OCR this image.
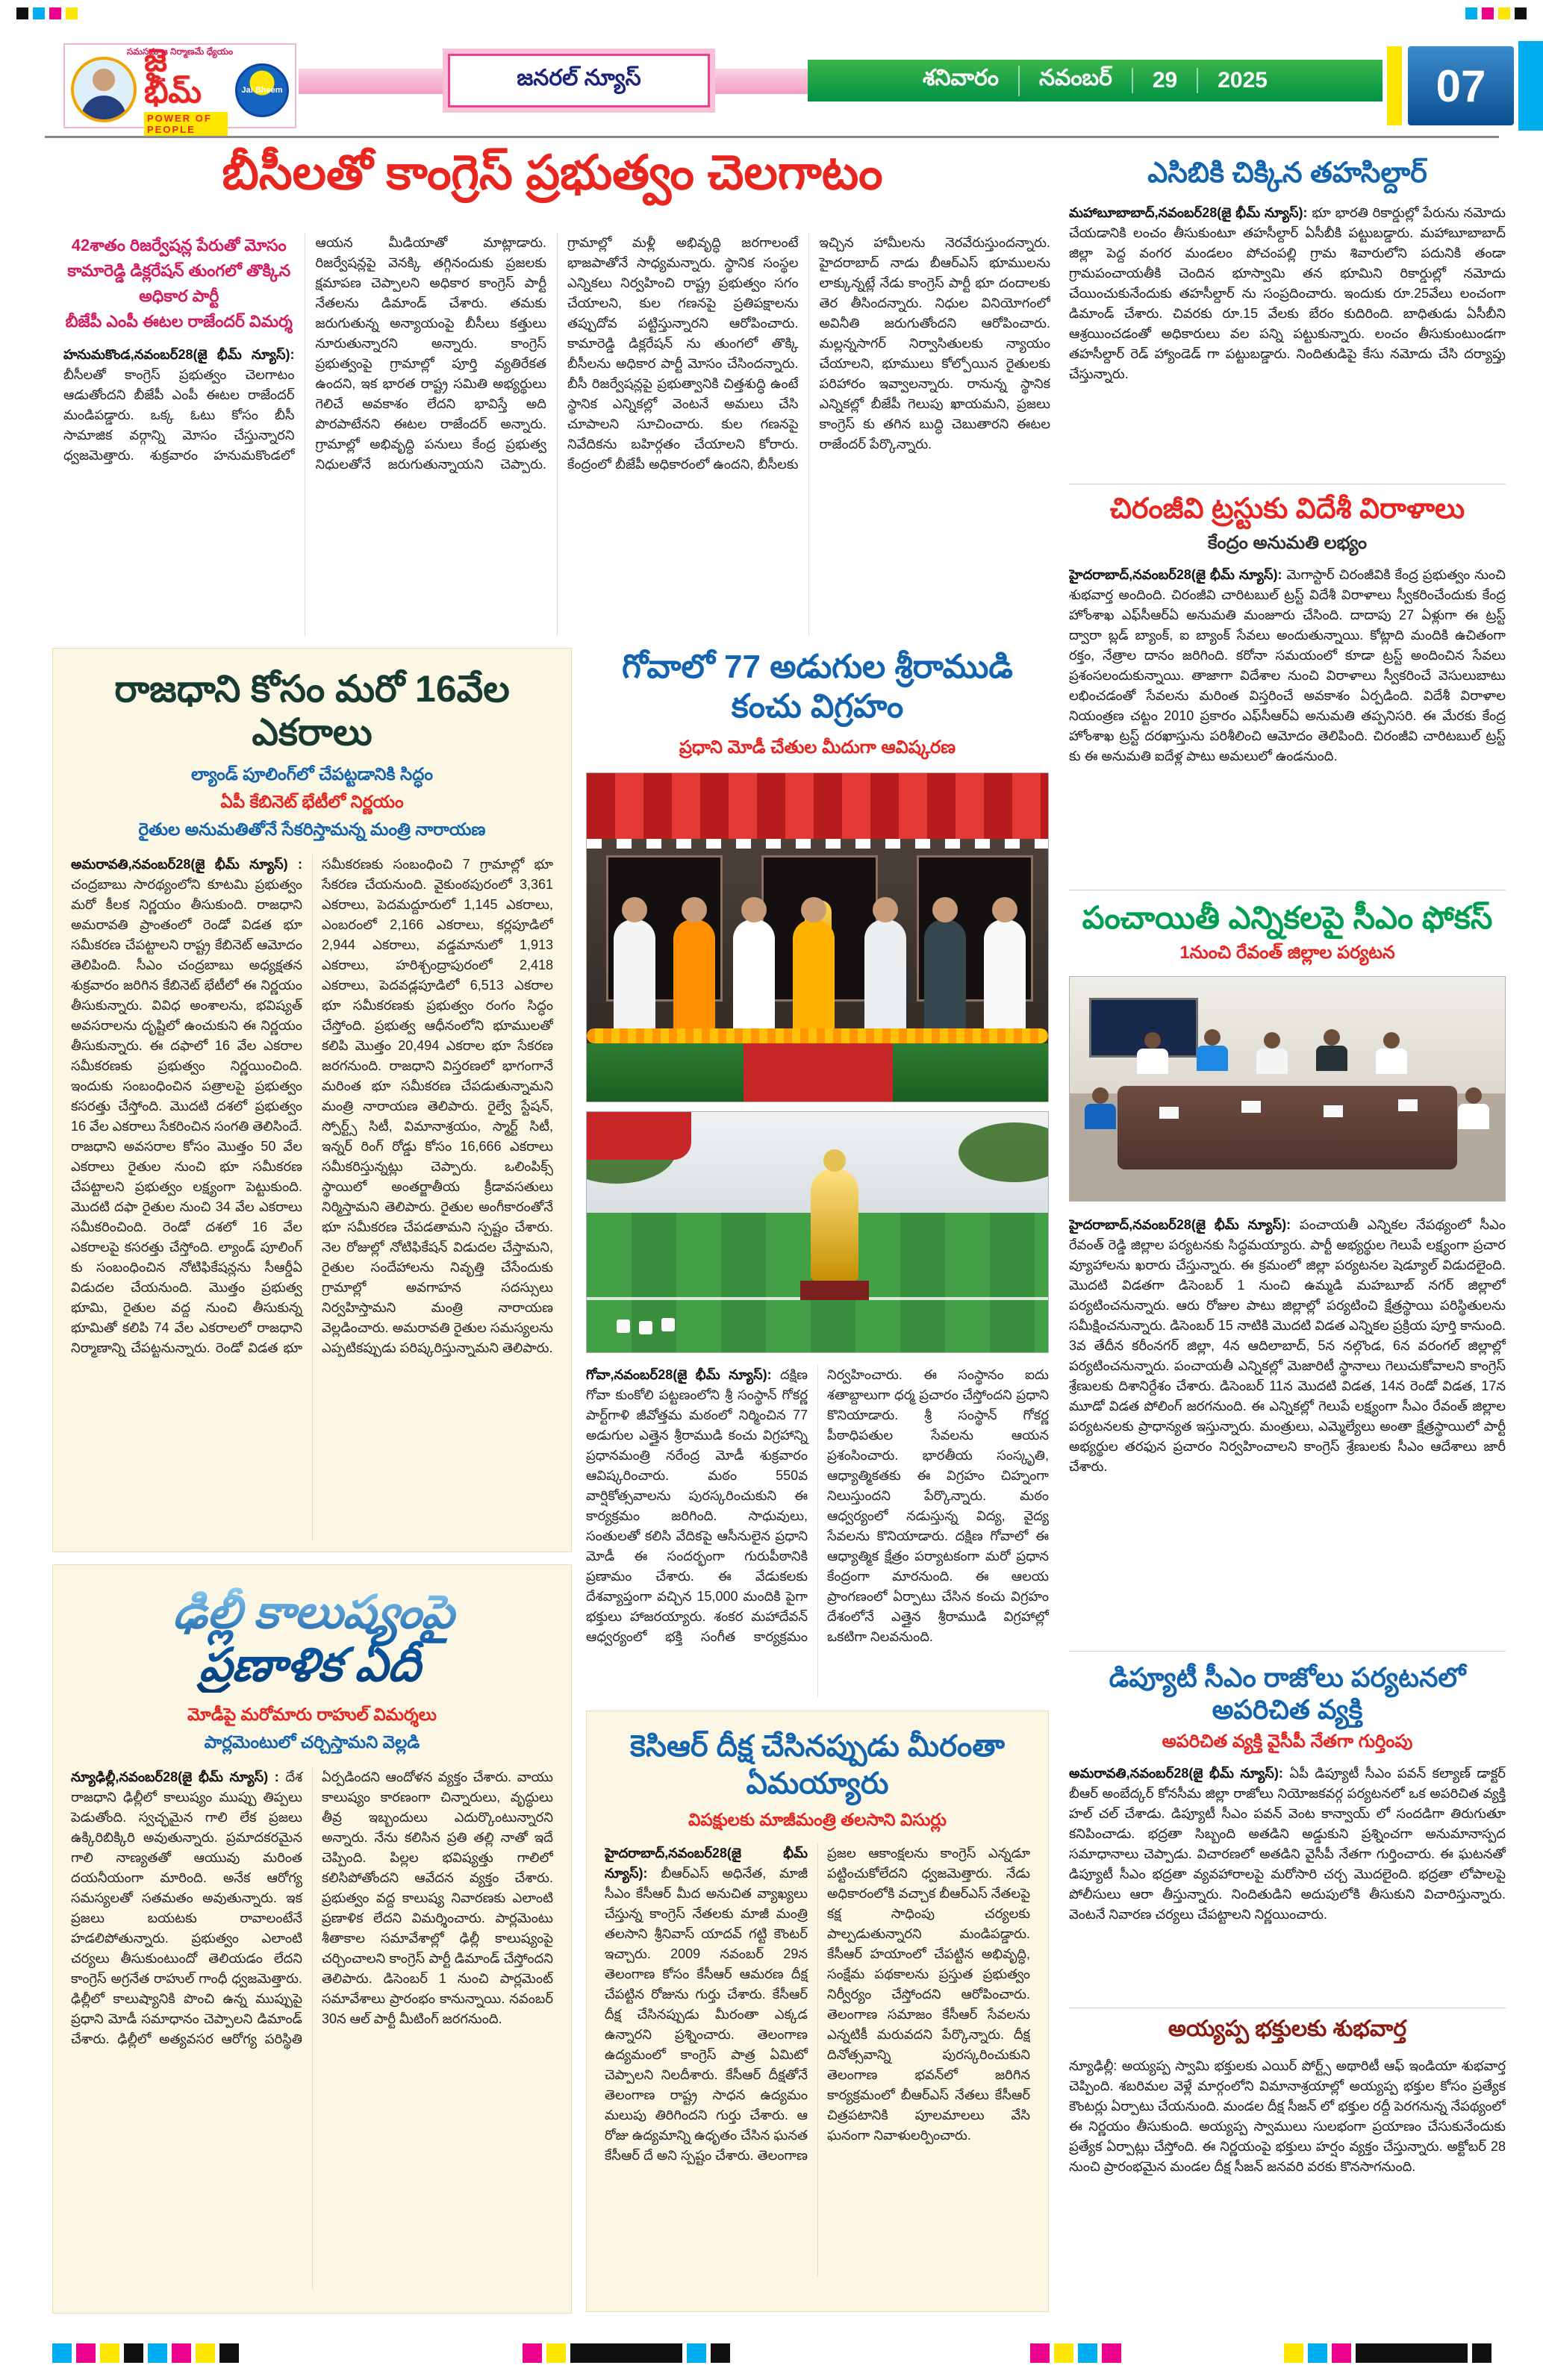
సమసమాజ నిర్మాణమే ధ్యేయం
జై భీమ్
POWER OF PEOPLE
Jai Bheem
జనరల్ న్యూస్	శనివారం	నవంబర్	29	2025	07
బీసీలతో కాంగ్రెస్ ప్రభుత్వం చెలగాటం
42శాతం రిజర్వేషన్ల పేరుతో మోసం
కామారెడ్డి డిక్లరేషన్ తుంగలో తొక్కిన అధికార పార్టీ
బీజేపీ ఎంపీ ఈటల రాజేందర్ విమర్శ

హనుమకొండ,నవంబర్28(జై భీమ్ న్యూస్): బీసీలతో కాంగ్రెస్ ప్రభుత్వం చెలగాటం ఆడుతోందని బీజేపీ ఎంపీ ఈటల రాజేందర్ మండిపడ్డారు. ఒక్క ఓటు కోసం బీసీ సామాజిక వర్గాన్ని మోసం చేస్తున్నారని ధ్వజమెత్తారు. శుక్రవారం హనుమకొండలో ఆయన మీడియాతో మాట్లాడారు. రిజర్వేషన్లపై వెనక్కి తగ్గినందుకు ప్రజలకు క్షమాపణ చెప్పాలని అధికార కాంగ్రెస్ పార్టీ నేతలను డిమాండ్ చేశారు. తమకు జరుగుతున్న అన్యాయంపై బీసీలు కత్తులు నూరుతున్నారని అన్నారు. కాంగ్రెస్ ప్రభుత్వంపై గ్రామాల్లో పూర్తి వ్యతిరేకత ఉందని, ఇక భారత రాష్ట్ర సమితి అభ్యర్థులు గెలిచే అవకాశం లేదని భావిస్తే అది పొరపాటేనని ఈటల రాజేందర్ అన్నారు. గ్రామాల్లో అభివృద్ధి పనులు కేంద్ర ప్రభుత్వ నిధులతోనే జరుగుతున్నాయని చెప్పారు. గ్రామాల్లో మళ్లీ అభివృద్ధి జరగాలంటే భాజపాతోనే సాధ్యమన్నారు. స్థానిక సంస్థల ఎన్నికలు నిర్వహించి రాష్ట్ర ప్రభుత్వం సగం చేయాలని, కుల గణనపై ప్రతిపక్షాలను తప్పుదోవ పట్టిస్తున్నారని ఆరోపించారు. కామారెడ్డి డిక్లరేషన్ ను తుంగలో తొక్కి బీసీలను అధికార పార్టీ మోసం చేసిందన్నారు. బీసీ రిజర్వేషన్లపై ప్రభుత్వానికి చిత్తశుద్ధి ఉంటే స్థానిక ఎన్నికల్లో వెంటనే అమలు చేసి చూపాలని సూచించారు. కుల గణనపై నివేదికను బహిర్గతం చేయాలని కోరారు. కేంద్రంలో బీజేపీ అధికారంలో ఉందని, బీసీలకు ఇచ్చిన హామీలను నెరవేరుస్తుందన్నారు. హైదరాబాద్ నాడు బీఆర్ఎస్ భూములను లాక్కున్నట్లే నేడు కాంగ్రెస్ పార్టీ భూ దందాలకు తెర తీసిందన్నారు. నిధుల వినియోగంలో అవినీతి జరుగుతోందని ఆరోపించారు. మల్లన్నసాగర్ నిర్వాసితులకు న్యాయం చేయాలని, భూములు కోల్పోయిన రైతులకు పరిహారం ఇవ్వాలన్నారు. రానున్న స్థానిక ఎన్నికల్లో బీజేపీ గెలుపు ఖాయమని, ప్రజలు కాంగ్రెస్ కు తగిన బుద్ధి చెబుతారని ఈటల రాజేందర్ పేర్కొన్నారు.

రాజధాని కోసం మరో 16వేల ఎకరాలు
ల్యాండ్ పూలింగ్‌లో చేపట్టడానికి సిద్ధం
ఏపీ కేబినెట్ భేటీలో నిర్ణయం
రైతుల అనుమతితోనే సేకరిస్తామన్న మంత్రి నారాయణ

అమరావతి,నవంబర్28(జై భీమ్ న్యూస్) : చంద్రబాబు సారథ్యంలోని కూటమి ప్రభుత్వం మరో కీలక నిర్ణయం తీసుకుంది. రాజధాని అమరావతి ప్రాంతంలో రెండో విడత భూ సమీకరణ చేపట్టాలని రాష్ట్ర కేబినెట్ ఆమోదం తెలిపింది. సీఎం చంద్రబాబు అధ్యక్షతన శుక్రవారం జరిగిన కేబినెట్ భేటీలో ఈ నిర్ణయం తీసుకున్నారు. వివిధ అంశాలను, భవిష్యత్ అవసరాలను దృష్టిలో ఉంచుకుని ఈ నిర్ణయం తీసుకున్నారు. ఈ దఫాలో 16 వేల ఎకరాల సమీకరణకు ప్రభుత్వం నిర్ణయించింది. ఇందుకు సంబంధించిన పత్రాలపై ప్రభుత్వం కసరత్తు చేస్తోంది. మొదటి దశలో ప్రభుత్వం 16 వేల ఎకరాలు సేకరించిన సంగతి తెలిసిందే. రాజధాని అవసరాల కోసం మొత్తం 50 వేల ఎకరాలు రైతుల నుంచి భూ సమీకరణ చేపట్టాలని ప్రభుత్వం లక్ష్యంగా పెట్టుకుంది. మొదటి దఫా రైతుల నుంచి 34 వేల ఎకరాలు సమీకరించింది. రెండో దశలో 16 వేల ఎకరాలపై కసరత్తు చేస్తోంది. ల్యాండ్ పూలింగ్ కు సంబంధించిన నోటిఫికేషన్లను సీఆర్డీఏ విడుదల చేయనుంది. మొత్తం ప్రభుత్వ భూమి, రైతుల వద్ద నుంచి తీసుకున్న భూమితో కలిపి 74 వేల ఎకరాలలో రాజధాని నిర్మాణాన్ని చేపట్టనున్నారు. రెండో విడత భూ సమీకరణకు సంబంధించి 7 గ్రామాల్లో భూ సేకరణ చేయనుంది. వైకుంఠపురంలో 3,361 ఎకరాలు, పెదమద్దూరులో 1,145 ఎకరాలు, ఎంబరంలో 2,166 ఎకరాలు, కర్లపూడిలో 2,944 ఎకరాలు, వడ్డమానులో 1,913 ఎకరాలు, హరిశ్చంద్రాపురంలో 2,418 ఎకరాలు, పెదవడ్లపూడిలో 6,513 ఎకరాల భూ సమీకరణకు ప్రభుత్వం రంగం సిద్ధం చేస్తోంది. ప్రభుత్వ ఆధీనంలోని భూములతో కలిపి మొత్తం 20,494 ఎకరాల భూ సేకరణ జరగనుంది. రాజధాని విస్తరణలో భాగంగానే మరింత భూ సమీకరణ చేపడుతున్నామని మంత్రి నారాయణ తెలిపారు. రైల్వే స్టేషన్, స్పోర్ట్స్ సిటీ, విమానాశ్రయం, స్మార్ట్ సిటీ, ఇన్నర్ రింగ్ రోడ్డు కోసం 16,666 ఎకరాలు సమీకరిస్తున్నట్లు చెప్పారు. ఒలింపిక్స్ స్థాయిలో అంతర్జాతీయ క్రీడావసతులు నిర్మిస్తామని తెలిపారు. రైతుల అంగీకారంతోనే భూ సమీకరణ చేపడతామని స్పష్టం చేశారు. నెల రోజుల్లో నోటిఫికేషన్ విడుదల చేస్తామని, రైతుల సందేహాలను నివృత్తి చేసేందుకు గ్రామాల్లో అవగాహన సదస్సులు నిర్వహిస్తామని మంత్రి నారాయణ వెల్లడించారు. అమరావతి రైతుల సమస్యలను ఎప్పటికప్పుడు పరిష్కరిస్తున్నామని తెలిపారు.

ఢిల్లీ కాలుష్యంపై
ప్రణాళిక ఏదీ
మోడీపై మరోమారు రాహుల్ విమర్శలు
పార్లమెంటులో చర్చిస్తామని వెల్లడి

న్యూఢిల్లీ,నవంబర్28(జై భీమ్ న్యూస్) : దేశ రాజధాని ఢిల్లీలో కాలుష్యం ముప్పు తిప్పలు పెడుతోంది. స్వచ్ఛమైన గాలి లేక ప్రజలు ఉక్కిరిబిక్కిరి అవుతున్నారు. ప్రమాదకరమైన గాలి నాణ్యతతో ఆయువు మరింత దయనీయంగా మారింది. అనేక ఆరోగ్య సమస్యలతో సతమతం అవుతున్నారు. ఇక ప్రజలు బయటకు రావాలంటేనే హడలిపోతున్నారు. ప్రభుత్వం ఎలాంటి చర్యలు తీసుకుంటుందో తెలియడం లేదని కాంగ్రెస్ అగ్రనేత రాహుల్ గాంధీ ధ్వజమెత్తారు. ఢిల్లీలో కాలుష్యానికి పొంచి ఉన్న ముప్పుపై ప్రధాని మోడీ సమాధానం చెప్పాలని డిమాండ్ చేశారు. ఢిల్లీలో అత్యవసర ఆరోగ్య పరిస్థితి ఏర్పడిందని ఆందోళన వ్యక్తం చేశారు. వాయు కాలుష్యం కారణంగా చిన్నారులు, వృద్ధులు తీవ్ర ఇబ్బందులు ఎదుర్కొంటున్నారని అన్నారు. నేను కలిసిన ప్రతి తల్లి నాతో ఇదే చెప్పింది. పిల్లల భవిష్యత్తు గాలిలో కలిసిపోతోందని ఆవేదన వ్యక్తం చేశారు. ప్రభుత్వం వద్ద కాలుష్య నివారణకు ఎలాంటి ప్రణాళిక లేదని విమర్శించారు. పార్లమెంటు శీతాకాల సమావేశాల్లో ఢిల్లీ కాలుష్యంపై చర్చించాలని కాంగ్రెస్ పార్టీ డిమాండ్ చేస్తోందని తెలిపారు. డిసెంబర్ 1 నుంచి పార్లమెంట్ సమావేశాలు ప్రారంభం కానున్నాయి. నవంబర్ 30న ఆల్ పార్టీ మీటింగ్ జరగనుంది.

గోవాలో 77 అడుగుల శ్రీరాముడి కంచు విగ్రహం
ప్రధాని మోడీ చేతుల మీదుగా ఆవిష్కరణ

గోవా,నవంబర్28(జై భీమ్ న్యూస్): దక్షిణ గోవా కుంకోలి పట్టణంలోని శ్రీ సంస్థాన్ గోకర్ణ పార్ట్‌గాళి జీవోత్తమ మఠంలో నిర్మించిన 77 అడుగుల ఎత్తైన శ్రీరాముడి కంచు విగ్రహాన్ని ప్రధానమంత్రి నరేంద్ర మోడీ శుక్రవారం ఆవిష్కరించారు. మఠం 550వ వార్షికోత్సవాలను పురస్కరించుకుని ఈ కార్యక్రమం జరిగింది. సాధువులు, సంతులతో కలిసి వేదికపై ఆసీనులైన ప్రధాని మోడీ ఈ సందర్భంగా గురుపీఠానికి ప్రణామం చేశారు. ఈ వేడుకలకు దేశవ్యాప్తంగా వచ్చిన 15,000 మందికి పైగా భక్తులు హాజరయ్యారు. శంకర మహాదేవన్ ఆధ్వర్యంలో భక్తి సంగీత కార్యక్రమం నిర్వహించారు. ఈ సంస్థానం ఐదు శతాబ్దాలుగా ధర్మ ప్రచారం చేస్తోందని ప్రధాని కొనియాడారు. శ్రీ సంస్థాన్ గోకర్ణ పీఠాధిపతుల సేవలను ఆయన ప్రశంసించారు. భారతీయ సంస్కృతి, ఆధ్యాత్మికతకు ఈ విగ్రహం చిహ్నంగా నిలుస్తుందని పేర్కొన్నారు. మఠం ఆధ్వర్యంలో నడుస్తున్న విద్య, వైద్య సేవలను కొనియాడారు. దక్షిణ గోవాలో ఈ ఆధ్యాత్మిక క్షేత్రం పర్యాటకంగా మరో ప్రధాన కేంద్రంగా మారనుంది. ఈ ఆలయ ప్రాంగణంలో ఏర్పాటు చేసిన కంచు విగ్రహం దేశంలోనే ఎత్తైన శ్రీరాముడి విగ్రహాల్లో ఒకటిగా నిలవనుంది.

కెసిఆర్ దీక్ష చేసినప్పుడు మీరంతా ఏమయ్యారు
విపక్షులకు మాజీమంత్రి తలసాని విసుర్లు

హైదరాబాద్,నవంబర్28(జై భీమ్ న్యూస్): బీఆర్ఎస్ అధినేత, మాజీ సీఎం కేసీఆర్ మీద అనుచిత వ్యాఖ్యలు చేస్తున్న కాంగ్రెస్ నేతలకు మాజీ మంత్రి తలసాని శ్రీనివాస్ యాదవ్ గట్టి కౌంటర్ ఇచ్చారు. 2009 నవంబర్ 29న తెలంగాణ కోసం కేసీఆర్ ఆమరణ దీక్ష చేపట్టిన రోజును గుర్తు చేశారు. కేసీఆర్ దీక్ష చేసినప్పుడు మీరంతా ఎక్కడ ఉన్నారని ప్రశ్నించారు. తెలంగాణ ఉద్యమంలో కాంగ్రెస్ పాత్ర ఏమిటో చెప్పాలని నిలదీశారు. కేసీఆర్ దీక్షతోనే తెలంగాణ రాష్ట్ర సాధన ఉద్యమం మలుపు తిరిగిందని గుర్తు చేశారు. ఆ రోజు ఉద్యమాన్ని ఉధృతం చేసిన ఘనత కేసీఆర్ దే అని స్పష్టం చేశారు. తెలంగాణ ప్రజల ఆకాంక్షలను కాంగ్రెస్ ఎన్నడూ పట్టించుకోలేదని ధ్వజమెత్తారు. నేడు అధికారంలోకి వచ్చాక బీఆర్ఎస్ నేతలపై కక్ష సాధింపు చర్యలకు పాల్పడుతున్నారని మండిపడ్డారు. కేసీఆర్ హయాంలో చేపట్టిన అభివృద్ధి, సంక్షేమ పథకాలను ప్రస్తుత ప్రభుత్వం నిర్వీర్యం చేస్తోందని ఆరోపించారు. తెలంగాణ సమాజం కేసీఆర్ సేవలను ఎన్నటికీ మరువదని పేర్కొన్నారు. దీక్ష దినోత్సవాన్ని పురస్కరించుకుని తెలంగాణ భవన్‌లో జరిగిన కార్యక్రమంలో బీఆర్ఎస్ నేతలు కేసీఆర్ చిత్రపటానికి పూలమాలలు వేసి ఘనంగా నివాళులర్పించారు.

ఎసిబికి చిక్కిన తహసిల్దార్
మహాబూబాబాద్,నవంబర్28(జై భీమ్ న్యూస్): భూ భారతి రికార్డుల్లో పేరును నమోదు చేయడానికి లంచం తీసుకుంటూ తహసీల్దార్ ఏసీబీకి పట్టుబడ్డారు. మహాబూబాబాద్ జిల్లా పెద్ద వంగర మండలం పోచంపల్లి గ్రామ శివారులోని పదునికి తండా గ్రామపంచాయతీకి చెందిన భూస్వామి తన భూమిని రికార్డుల్లో నమోదు చేయించుకునేందుకు తహసీల్దార్ ను సంప్రదించారు. ఇందుకు రూ.25వేలు లంచంగా డిమాండ్ చేశారు. చివరకు రూ.15 వేలకు బేరం కుదిరింది. బాధితుడు ఏసీబీని ఆశ్రయించడంతో అధికారులు వల పన్ని పట్టుకున్నారు. లంచం తీసుకుంటుండగా తహసీల్దార్ రెడ్ హ్యాండెడ్ గా పట్టుబడ్డారు. నిందితుడిపై కేసు నమోదు చేసి దర్యాప్తు చేస్తున్నారు.
చిరంజీవి ట్రస్టుకు విదేశీ విరాళాలు
కేంద్రం అనుమతి లభ్యం
హైదరాబాద్,నవంబర్28(జై భీమ్ న్యూస్): మెగాస్టార్ చిరంజీవికి కేంద్ర ప్రభుత్వం నుంచి శుభవార్త అందింది. చిరంజీవి చారిటబుల్ ట్రస్ట్ విదేశీ విరాళాలు స్వీకరించేందుకు కేంద్ర హోంశాఖ ఎఫ్‌సీఆర్ఏ అనుమతి మంజూరు చేసింది. దాదాపు 27 ఏళ్లుగా ఈ ట్రస్ట్ ద్వారా బ్లడ్ బ్యాంక్, ఐ బ్యాంక్ సేవలు అందుతున్నాయి. కోట్లాది మందికి ఉచితంగా రక్తం, నేత్రాల దానం జరిగింది. కరోనా సమయంలో కూడా ట్రస్ట్ అందించిన సేవలు ప్రశంసలందుకున్నాయి. తాజాగా విదేశాల నుంచి విరాళాలు స్వీకరించే వెసులుబాటు లభించడంతో సేవలను మరింత విస్తరించే అవకాశం ఏర్పడింది. విదేశీ విరాళాల నియంత్రణ చట్టం 2010 ప్రకారం ఎఫ్‌సీఆర్ఏ అనుమతి తప్పనిసరి. ఈ మేరకు కేంద్ర హోంశాఖ ట్రస్ట్ దరఖాస్తును పరిశీలించి ఆమోదం తెలిపింది. చిరంజీవి చారిటబుల్ ట్రస్ట్ కు ఈ అనుమతి ఐదేళ్ల పాటు అమలులో ఉండనుంది.
పంచాయితీ ఎన్నికలపై సీఎం ఫోకస్
1నుంచి రేవంత్ జిల్లాల పర్యటన
హైదరాబాద్,నవంబర్28(జై భీమ్ న్యూస్): పంచాయతీ ఎన్నికల నేపథ్యంలో సీఎం రేవంత్ రెడ్డి జిల్లాల పర్యటనకు సిద్ధమయ్యారు. పార్టీ అభ్యర్థుల గెలుపే లక్ష్యంగా ప్రచార వ్యూహాలను ఖరారు చేస్తున్నారు. ఈ క్రమంలో జిల్లా పర్యటనల షెడ్యూల్ విడుదలైంది. మొదటి విడతగా డిసెంబర్ 1 నుంచి ఉమ్మడి మహబూబ్ నగర్ జిల్లాలో పర్యటించనున్నారు. ఆరు రోజుల పాటు జిల్లాల్లో పర్యటించి క్షేత్రస్థాయి పరిస్థితులను సమీక్షించనున్నారు. డిసెంబర్ 15 నాటికి మొదటి విడత ఎన్నికల ప్రక్రియ పూర్తి కానుంది. 3వ తేదీన కరీంనగర్ జిల్లా, 4న ఆదిలాబాద్, 5న నల్గొండ, 6న వరంగల్ జిల్లాల్లో పర్యటించనున్నారు. పంచాయతీ ఎన్నికల్లో మెజారిటీ స్థానాలు గెలుచుకోవాలని కాంగ్రెస్ శ్రేణులకు దిశానిర్దేశం చేశారు. డిసెంబర్ 11న మొదటి విడత, 14న రెండో విడత, 17న మూడో విడత పోలింగ్ జరగనుంది. ఈ ఎన్నికల్లో గెలుపే లక్ష్యంగా సీఎం రేవంత్ జిల్లాల పర్యటనలకు ప్రాధాన్యత ఇస్తున్నారు. మంత్రులు, ఎమ్మెల్యేలు అంతా క్షేత్రస్థాయిలో పార్టీ అభ్యర్థుల తరఫున ప్రచారం నిర్వహించాలని కాంగ్రెస్ శ్రేణులకు సీఎం ఆదేశాలు జారీ చేశారు.
డిప్యూటీ సీఎం రాజోలు పర్యటనలో అపరిచిత వ్యక్తి
అపరిచిత వ్యక్తి వైసీపీ నేతగా గుర్తింపు
అమరావతి,నవంబర్28(జై భీమ్ న్యూస్): ఏపీ డిప్యూటీ సీఎం పవన్ కల్యాణ్ డాక్టర్ బీఆర్ అంబేద్కర్ కోనసీమ జిల్లా రాజోలు నియోజకవర్గ పర్యటనలో ఒక అపరిచిత వ్యక్తి హల్ చల్ చేశాడు. డిప్యూటీ సీఎం పవన్ వెంట కాన్వాయ్ లో సందడిగా తిరుగుతూ కనిపించాడు. భద్రతా సిబ్బంది అతడిని అడ్డుకుని ప్రశ్నించగా అనుమానాస్పద సమాధానాలు చెప్పాడు. విచారణలో అతడిని వైసీపీ నేతగా గుర్తించారు. ఈ ఘటనతో డిప్యూటీ సీఎం భద్రతా వ్యవహారాలపై మరోసారి చర్చ మొదలైంది. భద్రతా లోపాలపై పోలీసులు ఆరా తీస్తున్నారు. నిందితుడిని అదుపులోకి తీసుకుని విచారిస్తున్నారు. వెంటనే నివారణ చర్యలు చేపట్టాలని నిర్ణయించారు.
అయ్యప్ప భక్తులకు శుభవార్త
న్యూఢిల్లీ: అయ్యప్ప స్వామి భక్తులకు ఎయిర్ పోర్ట్స్ అథారిటీ ఆఫ్ ఇండియా శుభవార్త చెప్పింది. శబరిమల వెళ్లే మార్గంలోని విమానాశ్రయాల్లో అయ్యప్ప భక్తుల కోసం ప్రత్యేక కౌంటర్లు ఏర్పాటు చేయనుంది. మండల దీక్ష సీజన్ లో భక్తుల రద్దీ పెరగనున్న నేపథ్యంలో ఈ నిర్ణయం తీసుకుంది. అయ్యప్ప స్వాములు సులభంగా ప్రయాణం చేసుకునేందుకు ప్రత్యేక ఏర్పాట్లు చేస్తోంది. ఈ నిర్ణయంపై భక్తులు హర్షం వ్యక్తం చేస్తున్నారు. అక్టోబర్ 28 నుంచి ప్రారంభమైన మండల దీక్ష సీజన్ జనవరి వరకు కొనసాగనుంది.
